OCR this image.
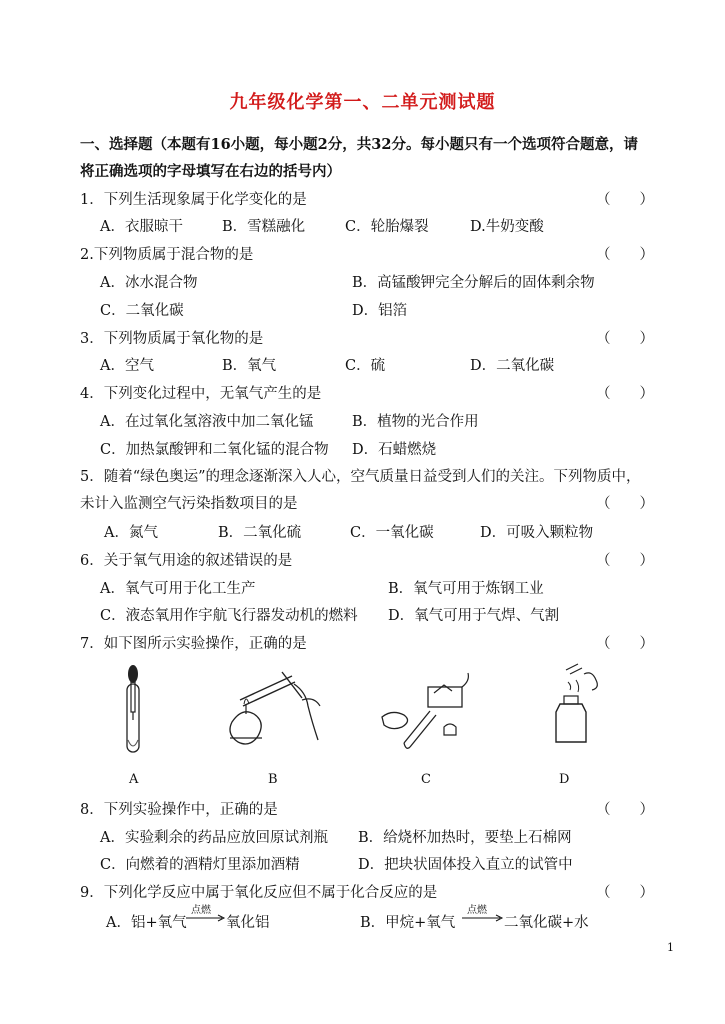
九年级化学第一、二单元测试题
一、选择题（本题有16小题，每小题2分，共32分。每小题只有一个选项符合题意，请
将正确选项的字母填写在右边的括号内）
1．下列生活现象属于化学变化的是	（　　）
A．衣服晾干	B．雪糕融化	C．轮胎爆裂	D.牛奶变酸
2.下列物质属于混合物的是	（　　）
A．冰水混合物	B．高锰酸钾完全分解后的固体剩余物
C．二氧化碳	D．铝箔
3．下列物质属于氧化物的是	（　　）
A．空气	B．氧气	C．硫	D．二氧化碳
4．下列变化过程中，无氧气产生的是	（　　）
A．在过氧化氢溶液中加二氧化锰	B．植物的光合作用
C．加热氯酸钾和二氧化锰的混合物 D．石蜡燃烧
5．随着“绿色奥运”的理念逐渐深入人心，空气质量日益受到人们的关注。下列物质中，
未计入监测空气污染指数项目的是	（　　）
A．氮气	B．二氧化硫	C．一氧化碳	D．可吸入颗粒物
6．关于氧气用途的叙述错误的是	（　　）
A．氧气可用于化工生产	B．氧气可用于炼钢工业
C．液态氧用作宇航飞行器发动机的燃料 D．氧气可用于气焊、气割
7．如下图所示实验操作，正确的是	（　　）
A	B	C	D
8．下列实验操作中，正确的是	（　　）
A．实验剩余的药品应放回原试剂瓶 B．给烧杯加热时，要垫上石棉网
C．向燃着的酒精灯里添加酒精	D．把块状固体投入直立的试管中
9．下列化学反应中属于氧化反应但不属于化合反应的是	（　　）
A．铝+氧气
点燃
→ 氧化铝	B．甲烷+氧气
点燃
→ 二氧化碳+水
1
